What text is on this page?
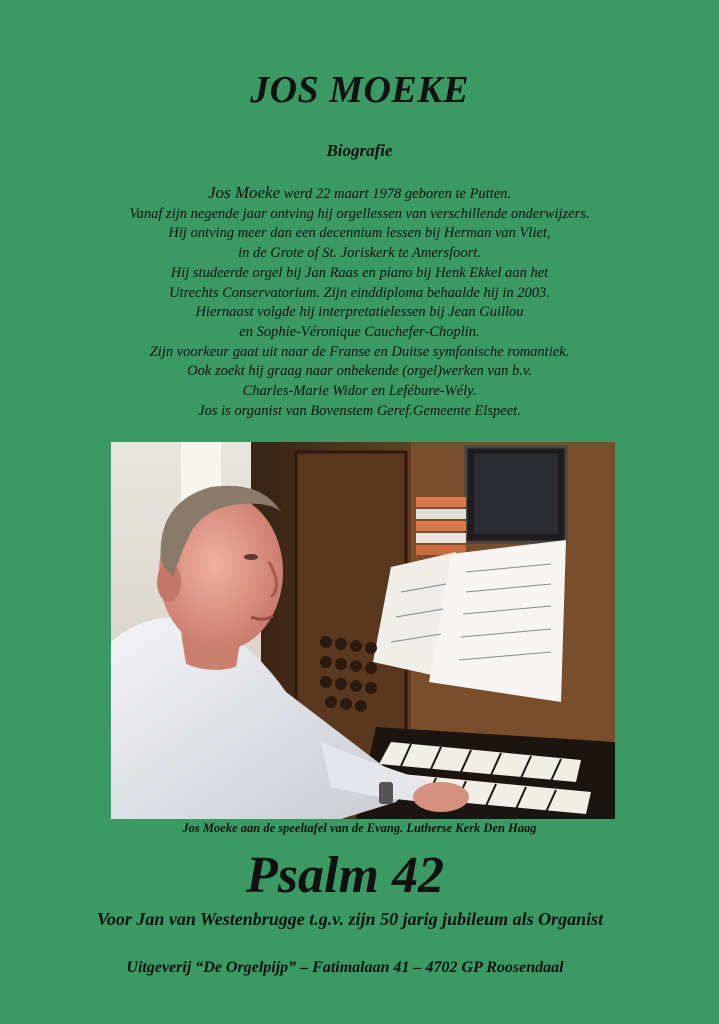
JOS MOEKE
Biografie

Jos Moeke werd 22 maart 1978 geboren te Putten.
Vanaf zijn negende jaar ontving hij orgellessen van verschillende onderwijzers.
Hij ontving meer dan een decennium lessen bij Herman van Vliet,
in de Grote of St. Joriskerk te Amersfoort.
Hij studeerde orgel bij Jan Raas en piano bij Henk Ekkel aan het
Utrechts Conservatorium. Zijn einddiploma behaalde hij in 2003.
Hiernaast volgde hij interpretatielessen bij Jean Guillou
en Sophie-Véronique Cauchefer-Choplin.
Zijn voorkeur gaat uit naar de Franse en Duitse symfonische romantiek.
Ook zoekt hij graag naar onbekende (orgel)werken van b.v.
Charles-Marie Widor en Lefébure-Wély.
Jos is organist van Bovenstem Geref.Gemeente Elspeet.

Jos Moeke aan de speeltafel van de Evang. Lutherse Kerk Den Haag

Psalm 42

Voor Jan van Westenbrugge t.g.v. zijn 50 jarig jubileum als Organist

Uitgeverij “De Orgelpijp” – Fatimalaan 41 – 4702 GP Roosendaal
